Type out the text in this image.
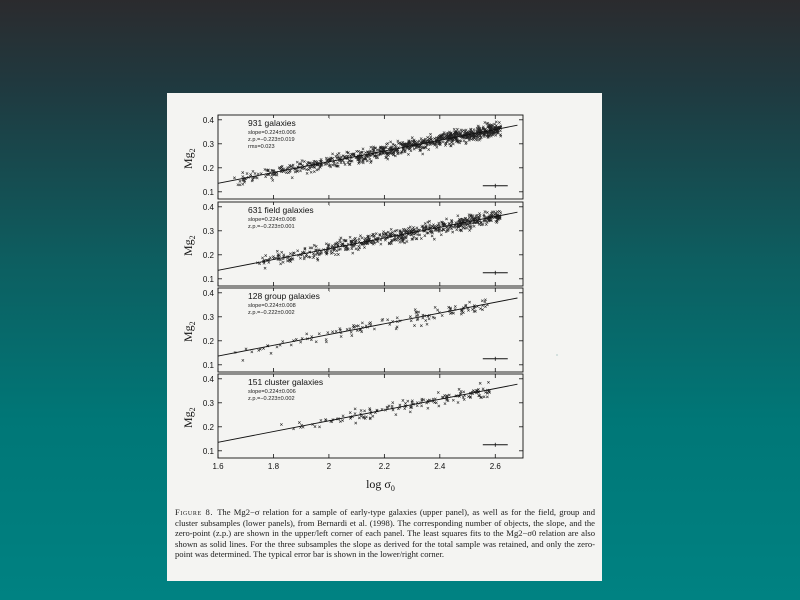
0.1
0.2
0.3
0.4
$Mg_2$
931 galaxies
slope=0.224±0.006
z.p.=−0.223±0.019
rms=0.023
0.1
0.2
0.3
0.4
$Mg_2$
631 field galaxies
slope=0.224±0.008
z.p.=−0.223±0.001
0.1
0.2
0.3
0.4
$Mg_2$
128 group galaxies
slope=0.224±0.008
z.p.=−0.222±0.002
0.1
0.2
0.3
0.4
$Mg_2$
151 cluster galaxies
slope=0.224±0.006
z.p.=−0.223±0.002
1.6	1.8	2	2.2	2.4	2.6
$\log \sigma_0$
Figure 8. The Mg2−σ relation for a sample of early-type galaxies (upper panel), as well as for the field, group and cluster subsamples (lower panels), from Bernardi et al. (1998). The corresponding number of objects, the slope, and the zero-point (z.p.) are shown in the upper/left corner of each panel. The least squares fits to the Mg2−σ0 relation are also shown as solid lines. For the three subsamples the slope as derived for the total sample was retained, and only the zero-point was determined. The typical error bar is shown in the lower/right corner.
